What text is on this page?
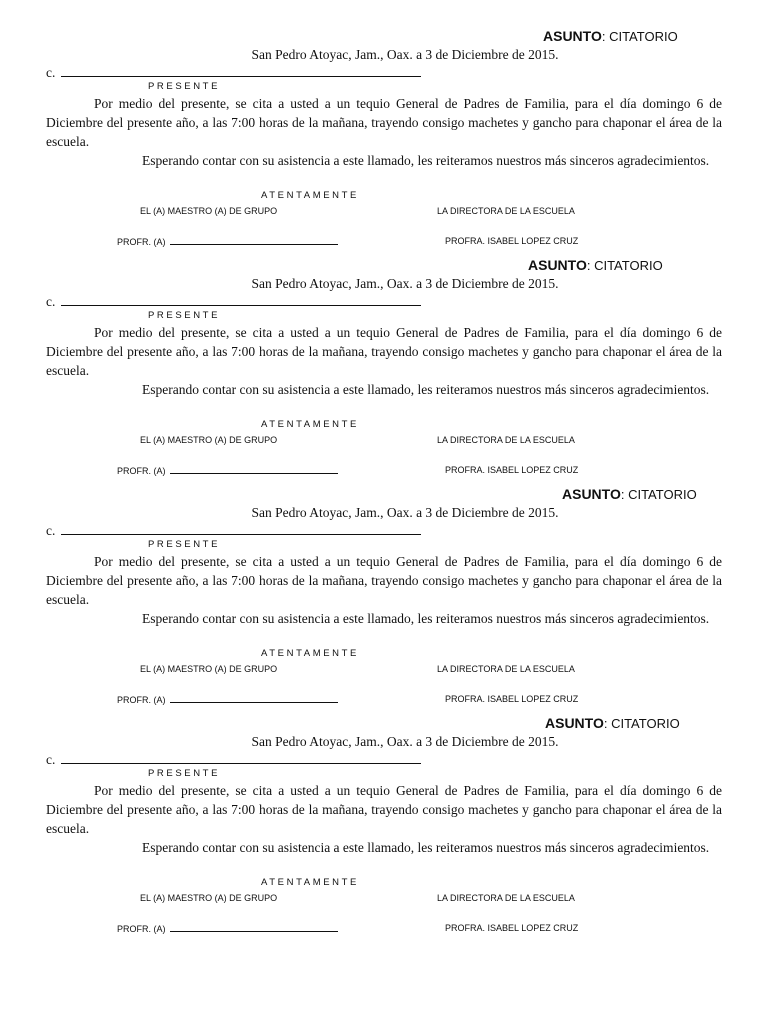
ASUNTO: CITATORIO
San Pedro Atoyac, Jam., Oax. a 3 de Diciembre de 2015.
c.
PRESENTE

Por medio del presente, se cita a usted a un tequio General de Padres de Familia, para el día domingo 6 de Diciembre del presente año, a las 7:00 horas de la mañana, trayendo consigo machetes y gancho para chaponar el área de la escuela.

Esperando contar con su asistencia a este llamado, les reiteramos nuestros más sinceros agradecimientos.

ATENTAMENTE
EL (A) MAESTRO (A) DE GRUPO	LA DIRECTORA DE LA ESCUELA
PROFR. (A)	PROFRA. ISABEL LOPEZ CRUZ
ASUNTO: CITATORIO
San Pedro Atoyac, Jam., Oax. a 3 de Diciembre de 2015.
c.
PRESENTE

Por medio del presente, se cita a usted a un tequio General de Padres de Familia, para el día domingo 6 de Diciembre del presente año, a las 7:00 horas de la mañana, trayendo consigo machetes y gancho para chaponar el área de la escuela.

Esperando contar con su asistencia a este llamado, les reiteramos nuestros más sinceros agradecimientos.

ATENTAMENTE
EL (A) MAESTRO (A) DE GRUPO	LA DIRECTORA DE LA ESCUELA
PROFR. (A)	PROFRA. ISABEL LOPEZ CRUZ
ASUNTO: CITATORIO
San Pedro Atoyac, Jam., Oax. a 3 de Diciembre de 2015.
c.
PRESENTE

Por medio del presente, se cita a usted a un tequio General de Padres de Familia, para el día domingo 6 de Diciembre del presente año, a las 7:00 horas de la mañana, trayendo consigo machetes y gancho para chaponar el área de la escuela.

Esperando contar con su asistencia a este llamado, les reiteramos nuestros más sinceros agradecimientos.

ATENTAMENTE
EL (A) MAESTRO (A) DE GRUPO	LA DIRECTORA DE LA ESCUELA
PROFR. (A)	PROFRA. ISABEL LOPEZ CRUZ
ASUNTO: CITATORIO
San Pedro Atoyac, Jam., Oax. a 3 de Diciembre de 2015.
c.
PRESENTE

Por medio del presente, se cita a usted a un tequio General de Padres de Familia, para el día domingo 6 de Diciembre del presente año, a las 7:00 horas de la mañana, trayendo consigo machetes y gancho para chaponar el área de la escuela.

Esperando contar con su asistencia a este llamado, les reiteramos nuestros más sinceros agradecimientos.

ATENTAMENTE
EL (A) MAESTRO (A) DE GRUPO	LA DIRECTORA DE LA ESCUELA
PROFR. (A)	PROFRA. ISABEL LOPEZ CRUZ
